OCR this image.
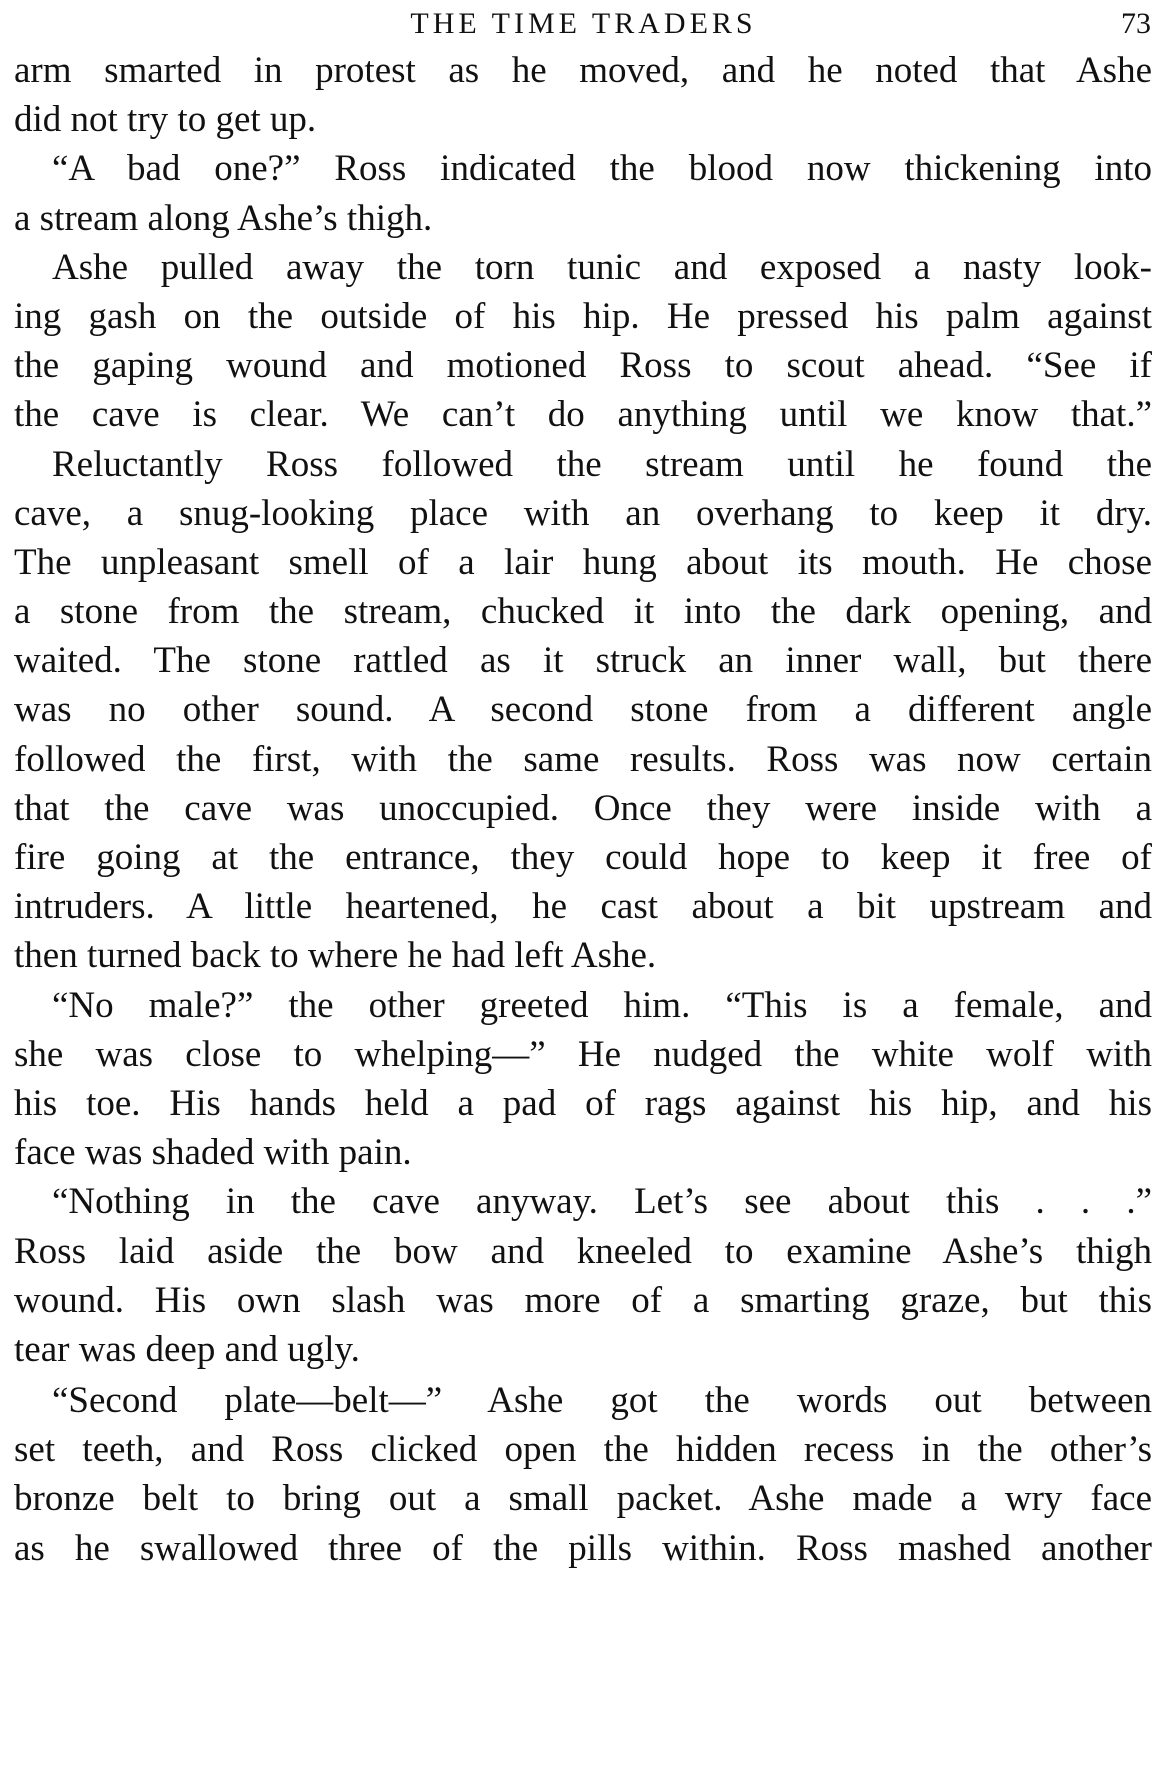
THE TIME TRADERS	73
arm smarted in protest as he moved, and he noted that Ashe
did not try to get up.
“A bad one?” Ross indicated the blood now thickening into
a stream along Ashe’s thigh.
Ashe pulled away the torn tunic and exposed a nasty look-
ing gash on the outside of his hip. He pressed his palm against
the gaping wound and motioned Ross to scout ahead. “See if
the cave is clear. We can’t do anything until we know that.”
Reluctantly Ross followed the stream until he found the
cave, a snug-looking place with an overhang to keep it dry.
The unpleasant smell of a lair hung about its mouth. He chose
a stone from the stream, chucked it into the dark opening, and
waited. The stone rattled as it struck an inner wall, but there
was no other sound. A second stone from a different angle
followed the first, with the same results. Ross was now certain
that the cave was unoccupied. Once they were inside with a
fire going at the entrance, they could hope to keep it free of
intruders. A little heartened, he cast about a bit upstream and
then turned back to where he had left Ashe.
“No male?” the other greeted him. “This is a female, and
she was close to whelping—” He nudged the white wolf with
his toe. His hands held a pad of rags against his hip, and his
face was shaded with pain.
“Nothing in the cave anyway. Let’s see about this . . .”
Ross laid aside the bow and kneeled to examine Ashe’s thigh
wound. His own slash was more of a smarting graze, but this
tear was deep and ugly.
“Second plate—belt—” Ashe got the words out between
set teeth, and Ross clicked open the hidden recess in the other’s
bronze belt to bring out a small packet. Ashe made a wry face
as he swallowed three of the pills within. Ross mashed another
